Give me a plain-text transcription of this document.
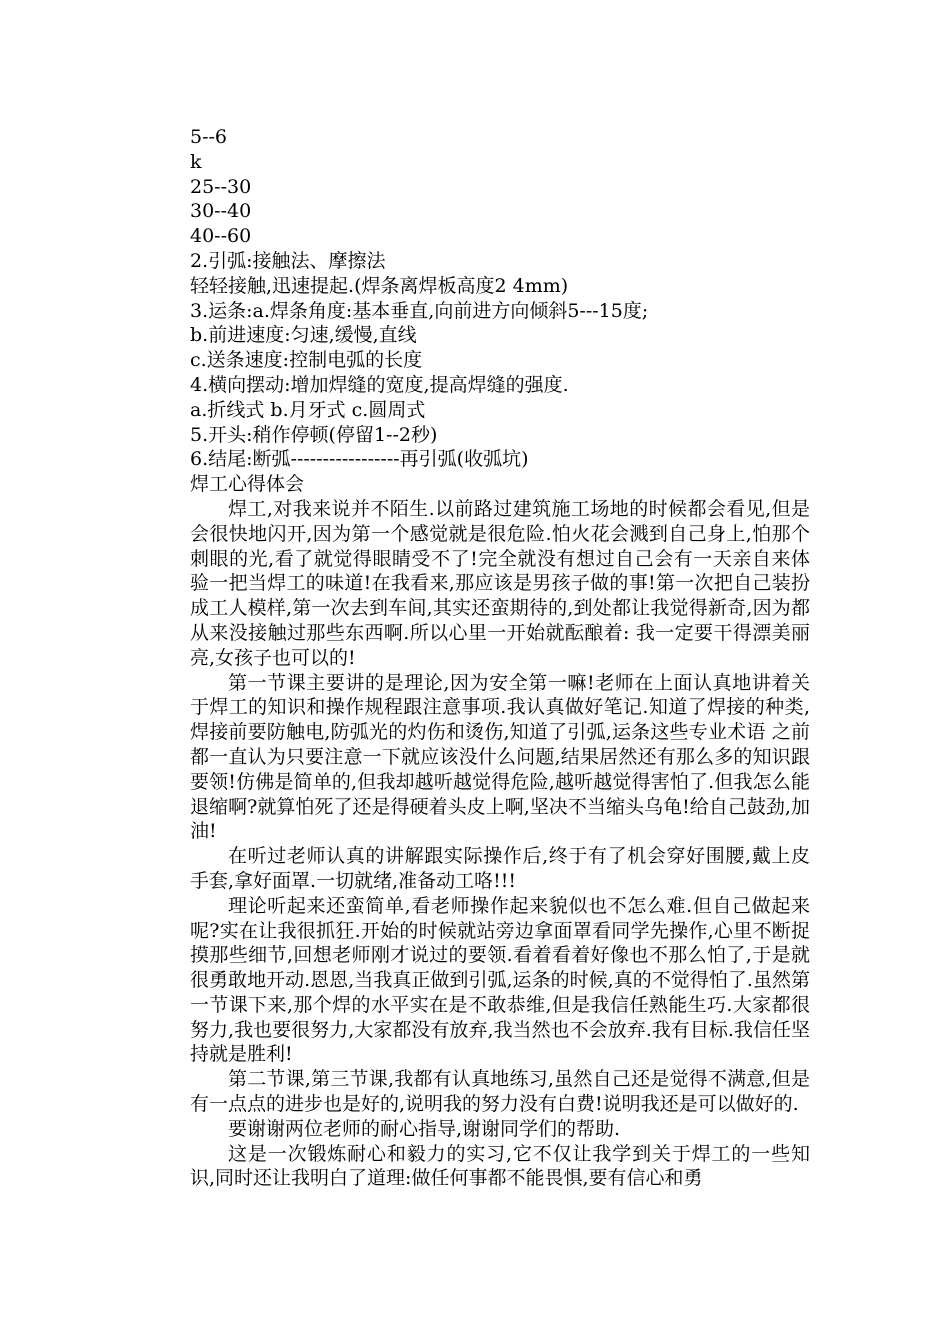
5--6
k
25--30
30--40
40--60
2.引弧:接触法、摩擦法
轻轻接触,迅速提起.(焊条离焊板高度2 4mm)
3.运条:a.焊条角度:基本垂直,向前进方向倾斜5---15度;
b.前进速度:匀速,缓慢,直线
c.送条速度:控制电弧的长度
4.横向摆动:增加焊缝的宽度,提高焊缝的强度.
a.折线式 b.月牙式 c.圆周式
5.开头:稍作停顿(停留1--2秒)
6.结尾:断弧-----------------再引弧(收弧坑)
焊工心得体会

焊工,对我来说并不陌生.以前路过建筑施工场地的时候都会看见,但是会很快地闪开,因为第一个感觉就是很危险.怕火花会溅到自己身上,怕那个刺眼的光,看了就觉得眼睛受不了!完全就没有想过自己会有一天亲自来体验一把当焊工的味道!在我看来,那应该是男孩子做的事!第一次把自己装扮成工人模样,第一次去到车间,其实还蛮期待的,到处都让我觉得新奇,因为都从来没接触过那些东西啊.所以心里一开始就酝酿着: 我一定要干得漂美丽亮,女孩子也可以的!

第一节课主要讲的是理论,因为安全第一嘛!老师在上面认真地讲着关于焊工的知识和操作规程跟注意事项.我认真做好笔记.知道了焊接的种类,焊接前要防触电,防弧光的灼伤和烫伤,知道了引弧,运条这些专业术语 之前都一直认为只要注意一下就应该没什么问题,结果居然还有那么多的知识跟要领!仿佛是简单的,但我却越听越觉得危险,越听越觉得害怕了.但我怎么能退缩啊?就算怕死了还是得硬着头皮上啊,坚决不当缩头乌龟!给自己鼓劲,加油!

在听过老师认真的讲解跟实际操作后,终于有了机会穿好围腰,戴上皮手套,拿好面罩.一切就绪,准备动工咯!!!

理论听起来还蛮简单,看老师操作起来貌似也不怎么难.但自己做起来呢?实在让我很抓狂.开始的时候就站旁边拿面罩看同学先操作,心里不断捉摸那些细节,回想老师刚才说过的要领.看着看着好像也不那么怕了,于是就很勇敢地开动.恩恩,当我真正做到引弧,运条的时候,真的不觉得怕了.虽然第一节课下来,那个焊的水平实在是不敢恭维,但是我信任熟能生巧.大家都很努力,我也要很努力,大家都没有放弃,我当然也不会放弃.我有目标.我信任坚持就是胜利!

第二节课,第三节课,我都有认真地练习,虽然自己还是觉得不满意,但是有一点点的进步也是好的,说明我的努力没有白费!说明我还是可以做好的.

要谢谢两位老师的耐心指导,谢谢同学们的帮助.

这是一次锻炼耐心和毅力的实习,它不仅让我学到关于焊工的一些知识,同时还让我明白了道理:做任何事都不能畏惧,要有信心和勇
